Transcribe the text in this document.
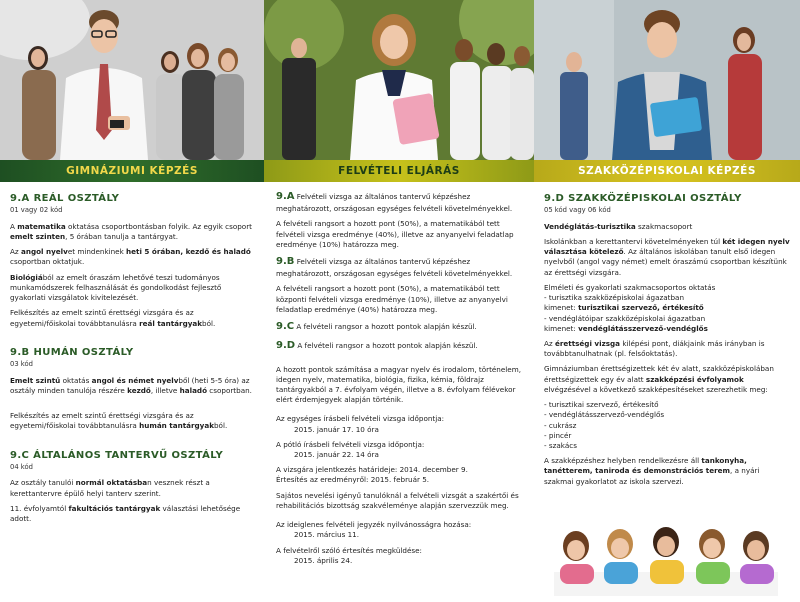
GIMNÁZIUMI KÉPZÉS
9.A REÁL OSZTÁLY
01 vagy 02 kód

A matematika oktatása csoportbontásban folyik. Az egyik csoport emelt szinten, 5 órában tanulja a tantárgyat.

Az angol nyelvet mindenkinek heti 5 órában, kezdő és haladó csoportban oktatjuk.

Biológiából az emelt óraszám lehetővé teszi tudományos munkamódszerek felhasználását és gondolkodást fejlesztő gyakorlati vizsgálatok kivitelezését.

Felkészítés az emelt szintű érettségi vizsgára és az egyetemi/főiskolai továbbtanulásra reál tantárgyakból.

9.B HUMÁN OSZTÁLY
03 kód

Emelt szintű oktatás angol és német nyelvből (heti 5-5 óra) az osztály minden tanulója részére kezdő, illetve haladó csoportban.

Felkészítés az emelt szintű érettségi vizsgára és az egyetemi/főiskolai továbbtanulásra humán tantárgyakból.

9.C ÁLTALÁNOS TANTERVŰ OSZTÁLY
04 kód

Az osztály tanulói normál oktatásban vesznek részt a kerettantervre épülő helyi tanterv szerint.

11. évfolyamtól fakultációs tantárgyak választási lehetősége adott.

FELVÉTELI ELJÁRÁS

9.A Felvételi vizsga az általános tantervű képzéshez meghatározott, országosan egységes felvételi követelményekkel.

A felvételi rangsort a hozott pont (50%), a matematikából tett felvételi vizsga eredménye (40%), illetve az anyanyelvi feladatlap eredménye (10%) határozza meg.

9.B Felvételi vizsga az általános tantervű képzéshez meghatározott, országosan egységes felvételi követelményekkel.

A felvételi rangsort a hozott pont (50%), a matematikából tett központi felvételi vizsga eredménye (10%), illetve az anyanyelvi feladatlap eredménye (40%) határozza meg.

9.C A felvételi rangsor a hozott pontok alapján készül.

9.D A felvételi rangsor a hozott pontok alapján készül.

A hozott pontok számítása a magyar nyelv és irodalom, történelem, idegen nyelv, matematika, biológia, fizika, kémia, földrajz tantárgyakból a 7. évfolyam végén, illetve a 8. évfolyam félévekor elért érdemjegyek alapján történik.

Az egységes írásbeli felvételi vizsga időpontja:
2015. január 17. 10 óra

A pótló írásbeli felvételi vizsga időpontja:
2015. január 22. 14 óra

A vizsgára jelentkezés határideje: 2014. december 9.
Értesítés az eredményről: 2015. február 5.

Sajátos nevelési igényű tanulóknál a felvételi vizsgát a szakértői és rehabilitációs bizottság szakvéleménye alapján szervezzük meg.

Az ideiglenes felvételi jegyzék nyilvánosságra hozása:
2015. március 11.

A felvételről szóló értesítés megküldése:
2015. április 24.

SZAKKÖZÉPISKOLAI KÉPZÉS
9.D SZAKKÖZÉPISKOLAI OSZTÁLY
05 kód vagy 06 kód

Vendéglátás-turisztika szakmacsoport

Iskolánkban a kerettantervi követelményeken túl két idegen nyelv választása kötelező. Az általános iskolában tanult első idegen nyelvből (angol vagy német) emelt óraszámú csoportban készítünk az érettségi vizsgára.

Elméleti és gyakorlati szakmacsoportos oktatás
- turisztika szakközépiskolai ágazatban
kimenet: turisztikai szervező, értékesítő
- vendéglátóipar szakközépiskolai ágazatban
kimenet: vendéglátásszervező-vendéglős

Az érettségi vizsga kilépési pont, diákjaink más irányban is továbbtanulhatnak (pl. felsőoktatás).

Gimnáziumban érettségizettek két év alatt, szakközépiskolában érettségizettek egy év alatt szakképzési évfolyamok elvégzésével a következő szakképesítéseket szerezhetik meg:

- turisztikai szervező, értékesítő
- vendéglátásszervező-vendéglős
- cukrász
- pincér
- szakács

A szakképzéshez helyben rendelkezésre áll tankonyha, tanétterem, taniroda és demonstrációs terem, a nyári szakmai gyakorlatot az iskola szervezi.
